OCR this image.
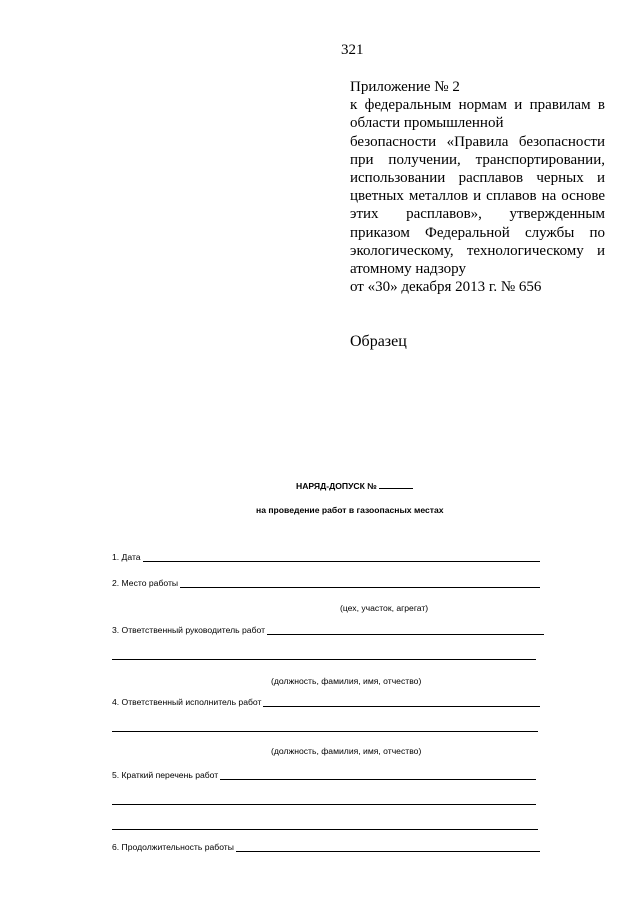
321
Приложение № 2
к федеральным нормам и правилам в
области промышленной
безопасности «Правила безопасности
при получении, транспортировании,
использовании расплавов черных и
цветных металлов и сплавов на основе
этих расплавов», утвержденным
приказом Федеральной службы по
экологическому, технологическому и
атомному надзору
от «30» декабря 2013 г. № 656
Образец
НАРЯД-ДОПУСК №
на проведение работ в газоопасных местах
1. Дата
2. Место работы
(цех, участок, агрегат)
3. Ответственный руководитель работ
(должность, фамилия, имя, отчество)
4. Ответственный исполнитель работ
(должность, фамилия, имя, отчество)
5. Краткий перечень работ
6. Продолжительность работы
